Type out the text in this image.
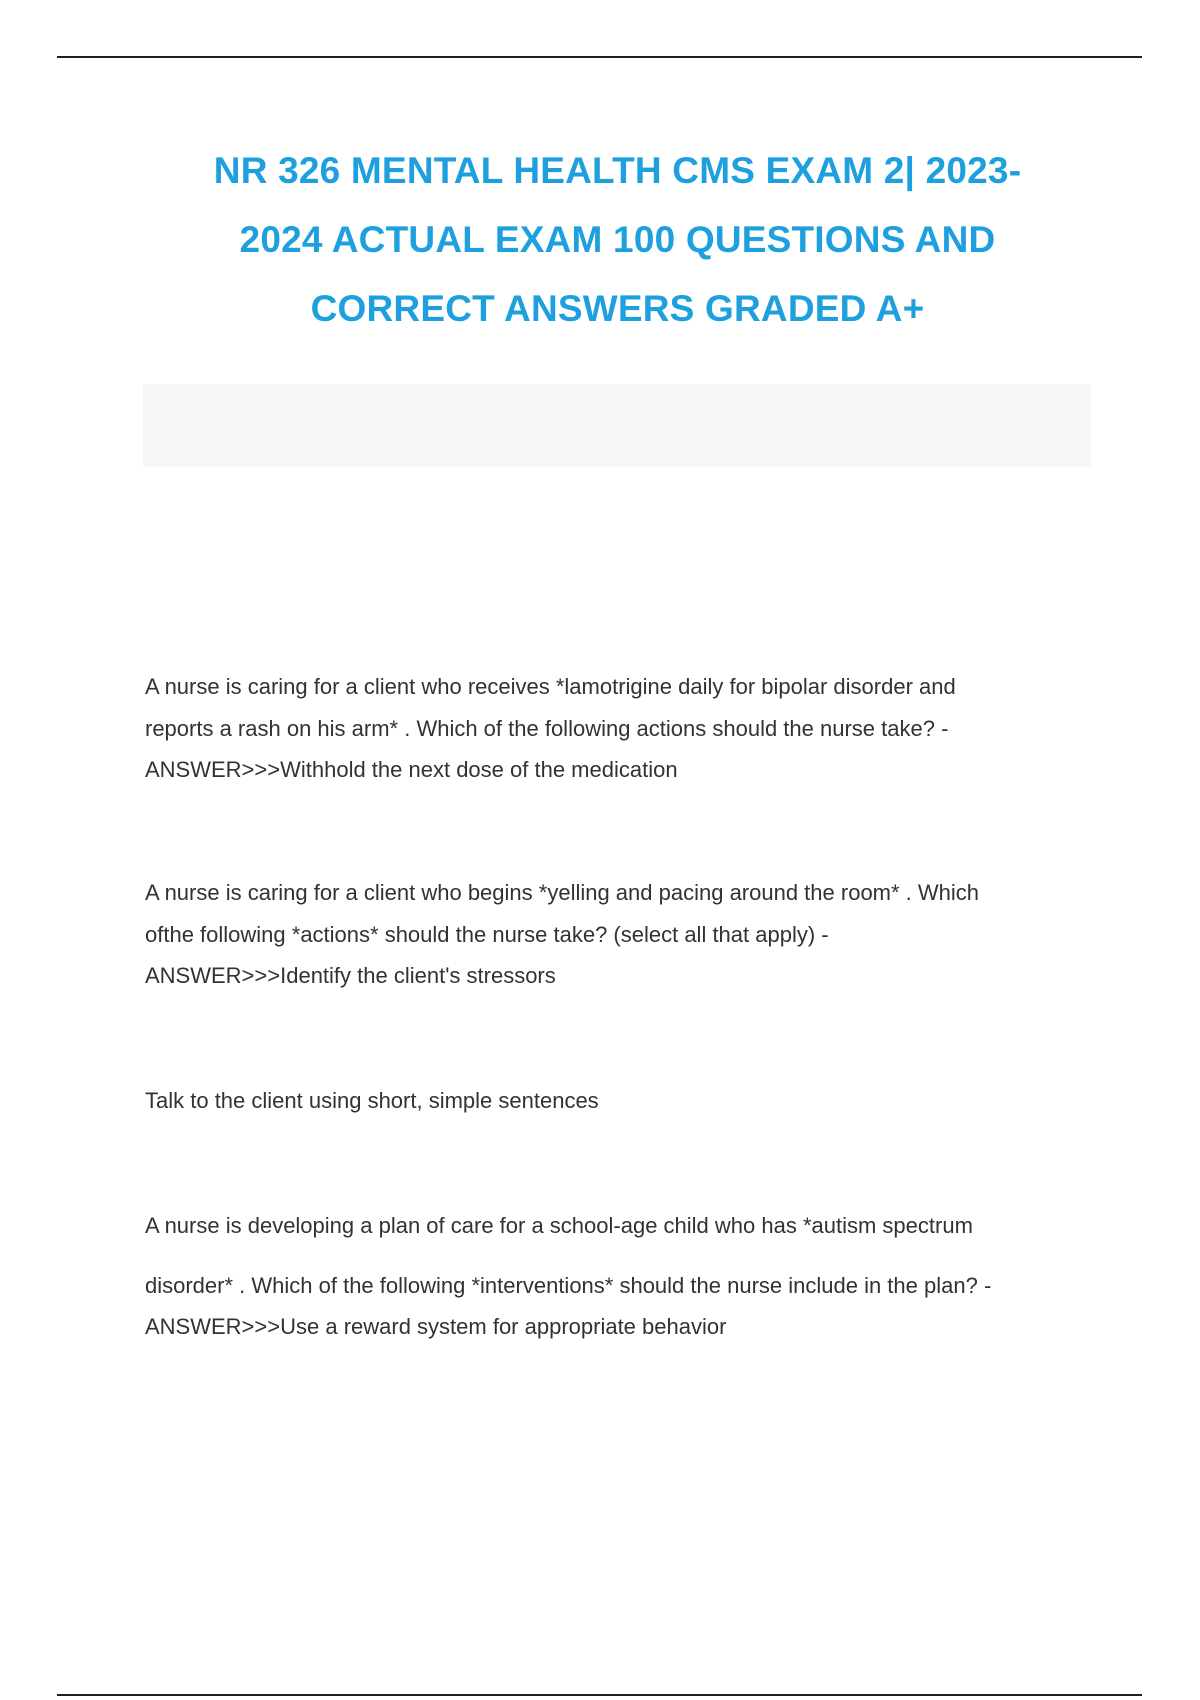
NR 326 MENTAL HEALTH CMS EXAM 2| 2023-
2024 ACTUAL EXAM 100 QUESTIONS AND
CORRECT ANSWERS GRADED A+
A nurse is caring for a client who receives *lamotrigine daily for bipolar disorder and
reports a rash on his arm* . Which of the following actions should the nurse take? -
ANSWER>>>Withhold the next dose of the medication
A nurse is caring for a client who begins *yelling and pacing around the room* . Which
ofthe following *actions* should the nurse take? (select all that apply) -
ANSWER>>>Identify the client's stressors
Talk to the client using short, simple sentences
A nurse is developing a plan of care for a school-age child who has *autism spectrum
disorder* . Which of the following *interventions* should the nurse include in the plan? -
ANSWER>>>Use a reward system for appropriate behavior
